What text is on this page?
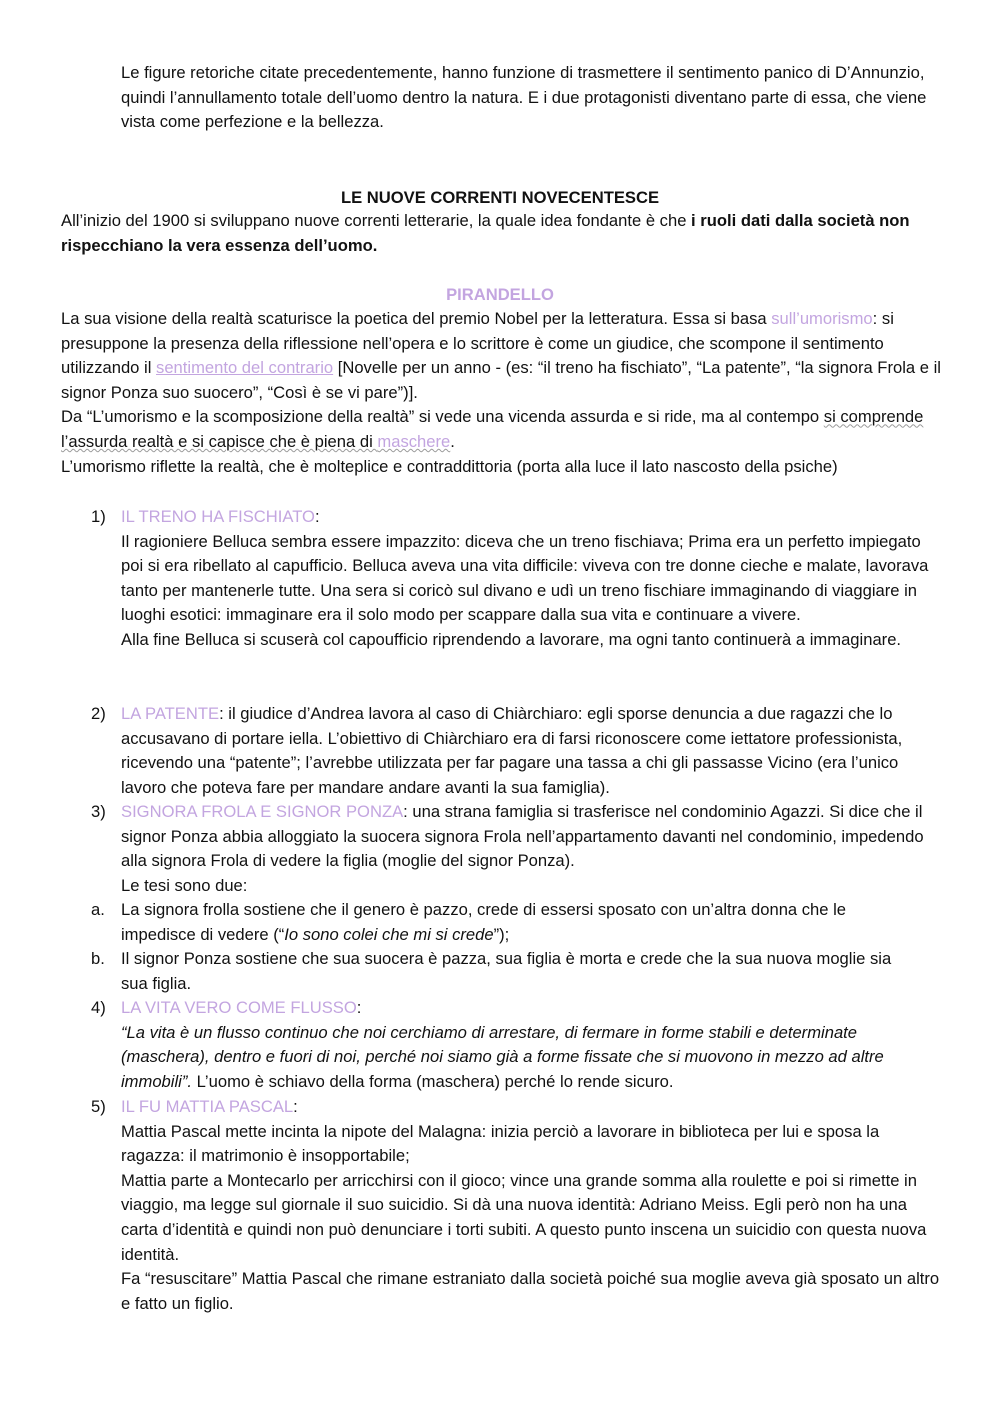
Le figure retoriche citate precedentemente, hanno funzione di trasmettere il sentimento panico di D’Annunzio, quindi l’annullamento totale dell’uomo dentro la natura. E i due protagonisti diventano parte di essa, che viene vista come perfezione e la bellezza.

LE NUOVE CORRENTI NOVECENTESCE

All’inizio del 1900 si sviluppano nuove correnti letterarie, la quale idea fondante è che i ruoli dati dalla società non rispecchiano la vera essenza dell’uomo.

PIRANDELLO

La sua visione della realtà scaturisce la poetica del premio Nobel per la letteratura. Essa si basa sull’umorismo: si presuppone la presenza della riflessione nell’opera e lo scrittore è come un giudice, che scompone il sentimento utilizzando il sentimento del contrario [Novelle per un anno - (es: “il treno ha fischiato”, “La patente”, “la signora Frola e il signor Ponza suo suocero”, “Così è se vi pare”)].

Da “L’umorismo e la scomposizione della realtà” si vede una vicenda assurda e si ride, ma al contempo si comprende l’assurda realtà e si capisce che è piena di maschere.

L’umorismo riflette la realtà, che è molteplice e contraddittoria (porta alla luce il lato nascosto della psiche)

1) IL TRENO HA FISCHIATO:

Il ragioniere Belluca sembra essere impazzito: diceva che un treno fischiava; Prima era un perfetto impiegato poi si era ribellato al capufficio. Belluca aveva una vita difficile: viveva con tre donne cieche e malate, lavorava tanto per mantenerle tutte. Una sera si coricò sul divano e udì un treno fischiare immaginando di viaggiare in luoghi esotici: immaginare era il solo modo per scappare dalla sua vita e continuare a vivere.

Alla fine Belluca si scuserà col capoufficio riprendendo a lavorare, ma ogni tanto continuerà a immaginare.

2) LA PATENTE: il giudice d’Andrea lavora al caso di Chiàrchiaro: egli sporse denuncia a due ragazzi che lo accusavano di portare iella. L’obiettivo di Chiàrchiaro era di farsi riconoscere come iettatore professionista, ricevendo una “patente”; l’avrebbe utilizzata per far pagare una tassa a chi gli passasse Vicino (era l’unico lavoro che poteva fare per mandare andare avanti la sua famiglia).

3) SIGNORA FROLA E SIGNOR PONZA: una strana famiglia si trasferisce nel condominio Agazzi. Si dice che il signor Ponza abbia alloggiato la suocera signora Frola nell’appartamento davanti nel condominio, impedendo alla signora Frola di vedere la figlia (moglie del signor Ponza).

Le tesi sono due:

a. La signora frolla sostiene che il genero è pazzo, crede di essersi sposato con un’altra donna che le impedisce di vedere (“Io sono colei che mi si crede”);
b. Il signor Ponza sostiene che sua suocera è pazza, sua figlia è morta e crede che la sua nuova moglie sia sua figlia.
4) LA VITA VERO COME FLUSSO:

“La vita è un flusso continuo che noi cerchiamo di arrestare, di fermare in forme stabili e determinate (maschera), dentro e fuori di noi, perché noi siamo già a forme fissate che si muovono in mezzo ad altre immobili”. L’uomo è schiavo della forma (maschera) perché lo rende sicuro.

5) IL FU MATTIA PASCAL:

Mattia Pascal mette incinta la nipote del Malagna: inizia perciò a lavorare in biblioteca per lui e sposa la ragazza: il matrimonio è insopportabile;

Mattia parte a Montecarlo per arricchirsi con il gioco; vince una grande somma alla roulette e poi si rimette in viaggio, ma legge sul giornale il suo suicidio. Si dà una nuova identità: Adriano Meiss. Egli però non ha una carta d’identità e quindi non può denunciare i torti subiti. A questo punto inscena un suicidio con questa nuova identità.

Fa “resuscitare” Mattia Pascal che rimane estraniato dalla società poiché sua moglie aveva già sposato un altro e fatto un figlio.
